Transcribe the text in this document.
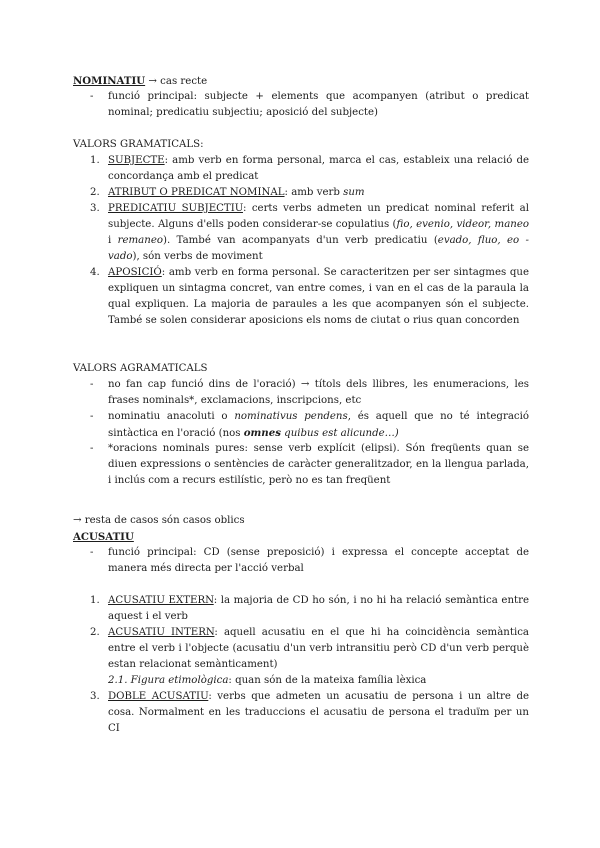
NOMINATIU → cas recte
- funció principal: subjecte + elements que acompanyen (atribut o predicat nominal; predicatiu subjectiu; aposició del subjecte)
VALORS GRAMATICALS:
1. SUBJECTE: amb verb en forma personal, marca el cas, estableix una relació de concordança amb el predicat
2. ATRIBUT O PREDICAT NOMINAL: amb verb sum
3. PREDICATIU SUBJECTIU: certs verbs admeten un predicat nominal referit al subjecte. Alguns d'ells poden considerar-se copulatius (fio, evenio, videor, maneo i remaneo). També van acompanyats d'un verb predicatiu (evado, fluo, eo - vado), són verbs de moviment
4. APOSICIÓ: amb verb en forma personal. Se caracteritzen per ser sintagmes que expliquen un sintagma concret, van entre comes, i van en el cas de la paraula la qual expliquen. La majoria de paraules a les que acompanyen són el subjecte. També se solen considerar aposicions els noms de ciutat o rius quan concorden
VALORS AGRAMATICALS
- no fan cap funció dins de l'oració) → títols dels llibres, les enumeracions, les frases nominals*, exclamacions, inscripcions, etc
- nominatiu anacoluti o nominativus pendens, és aquell que no té integració sintàctica en l'oració (nos omnes quibus est alicunde…)
- *oracions nominals pures: sense verb explícit (elipsi). Són freqüents quan se diuen expressions o sentències de caràcter generalitzador, en la llengua parlada, i inclús com a recurs estilístic, però no es tan freqüent
→ resta de casos són casos oblics
ACUSATIU
- funció principal: CD (sense preposició) i expressa el concepte acceptat de manera més directa per l'acció verbal
1. ACUSATIU EXTERN: la majoria de CD ho són, i no hi ha relació semàntica entre aquest i el verb
2. ACUSATIU INTERN: aquell acusatiu en el que hi ha coincidència semàntica entre el verb i l'objecte (acusatiu d'un verb intransitiu però CD d'un verb perquè estan relacionat semànticament)
2.1. Figura etimològica: quan són de la mateixa família lèxica
3. DOBLE ACUSATIU: verbs que admeten un acusatiu de persona i un altre de cosa. Normalment en les traduccions el acusatiu de persona el traduïm per un CI
